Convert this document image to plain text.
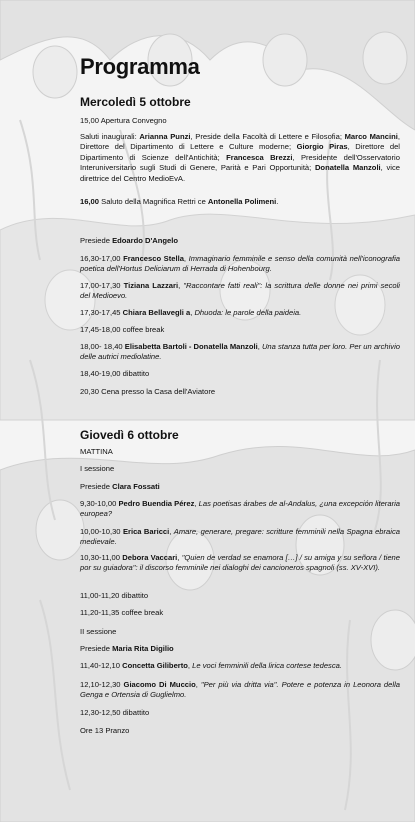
Programma
Mercoledì 5 ottobre

15,00 Apertura Convegno

Saluti inaugurali: Arianna Punzi, Preside della Facoltà di Lettere e Filosofia; Marco Mancini, Direttore del Dipartimento di Lettere e Culture moderne; Giorgio Piras, Direttore del Dipartimento di Scienze dell'Antichità; Francesca Brezzi, Presidente dell'Osservatorio Interuniversitario sugli Studi di Genere, Parità e Pari Opportunità; Donatella Manzoli, vice direttrice del Centro MedioEvA.

16,00 Saluto della Magnifica Rettri ce Antonella Polimeni.

Presiede Edoardo D'Angelo

16,30-17,00 Francesco Stella, Immaginario femminile e senso della comunità nell'iconografia poetica dell'Hortus Deliciarum di Herrada di Hohenbourg.

17,00-17,30 Tiziana Lazzari, "Raccontare fatti reali": la scrittura delle donne nei primi secoli del Medioevo.

17,30-17,45 Chiara Bellavegli a, Dhuoda: le parole della paideia.

17,45-18,00 coffee break

18,00- 18,40 Elisabetta Bartoli - Donatella Manzoli, Una stanza tutta per loro. Per un archivio delle autrici mediolatine.

18,40-19,00 dibattito

20,30 Cena presso la Casa dell'Aviatore

Giovedì 6 ottobre

MATTINA

I sessione

Presiede Clara Fossati

9,30-10,00 Pedro Buendia Pérez, Las poetisas árabes de al-Andalus, ¿una excepción literaria europea?

10,00-10,30 Erica Baricci, Amare, generare, pregare: scritture femminili nella Spagna ebraica medievale.

10,30-11,00 Debora Vaccari, "Quien de verdad se enamora […] / su amiga y su señora / tiene por su guiadora": il discorso femminile nei dialoghi dei cancioneros spagnoli (ss. XV-XVI).

11,00-11,20 dibattito

11,20-11,35 coffee break

II sessione

Presiede Maria Rita Digilio

11,40-12,10 Concetta Giliberto, Le voci femminili della lirica cortese tedesca.

12,10-12,30 Giacomo Di Muccio, "Per più via dritta via". Potere e potenza in Leonora della Genga e Ortensia di Guglielmo.

12,30-12,50 dibattito

Ore 13 Pranzo
